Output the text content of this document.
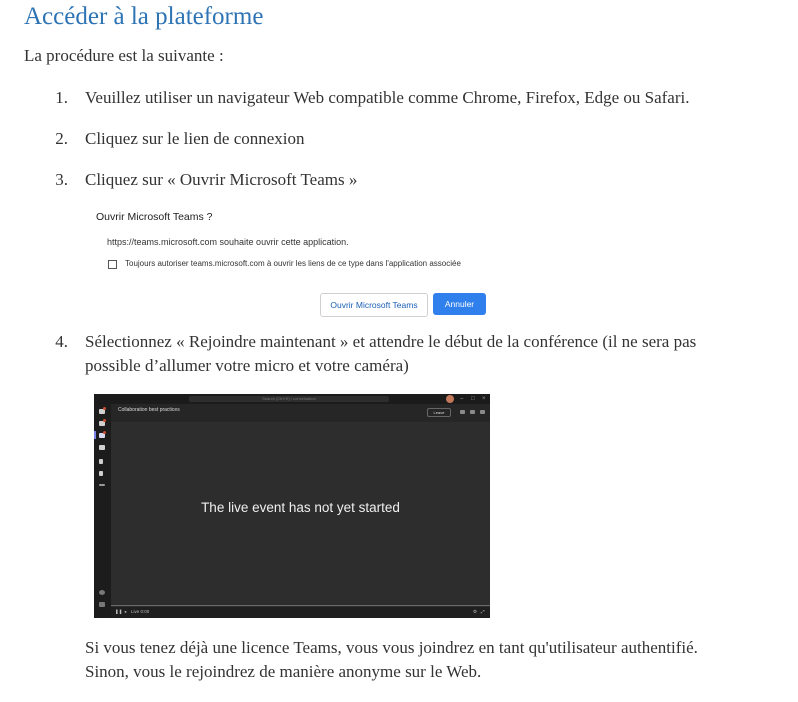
Accéder à la plateforme
La procédure est la suivante :
1. Veuillez utiliser un navigateur Web compatible comme Chrome, Firefox, Edge ou Safari.
2. Cliquez sur le lien de connexion
3. Cliquez sur « Ouvrir Microsoft Teams »
Ouvrir Microsoft Teams ?
https://teams.microsoft.com souhaite ouvrir cette application.
Toujours autoriser teams.microsoft.com à ouvrir les liens de ce type dans l'application associée
Ouvrir Microsoft Teams	Annuler
4. Sélectionnez « Rejoindre maintenant » et attendre le début de la conférence (il ne sera pas
possible d’allumer votre micro et votre caméra)
Search (Ctrl+E) / conversation	– □ ×
Collaboration best practices	Leave
The live event has not yet started
❚❚ ◂ Live 0:00	⚙ ⤢
Si vous tenez déjà une licence Teams, vous vous joindrez en tant qu'utilisateur authentifié.
Sinon, vous le rejoindrez de manière anonyme sur le Web.
